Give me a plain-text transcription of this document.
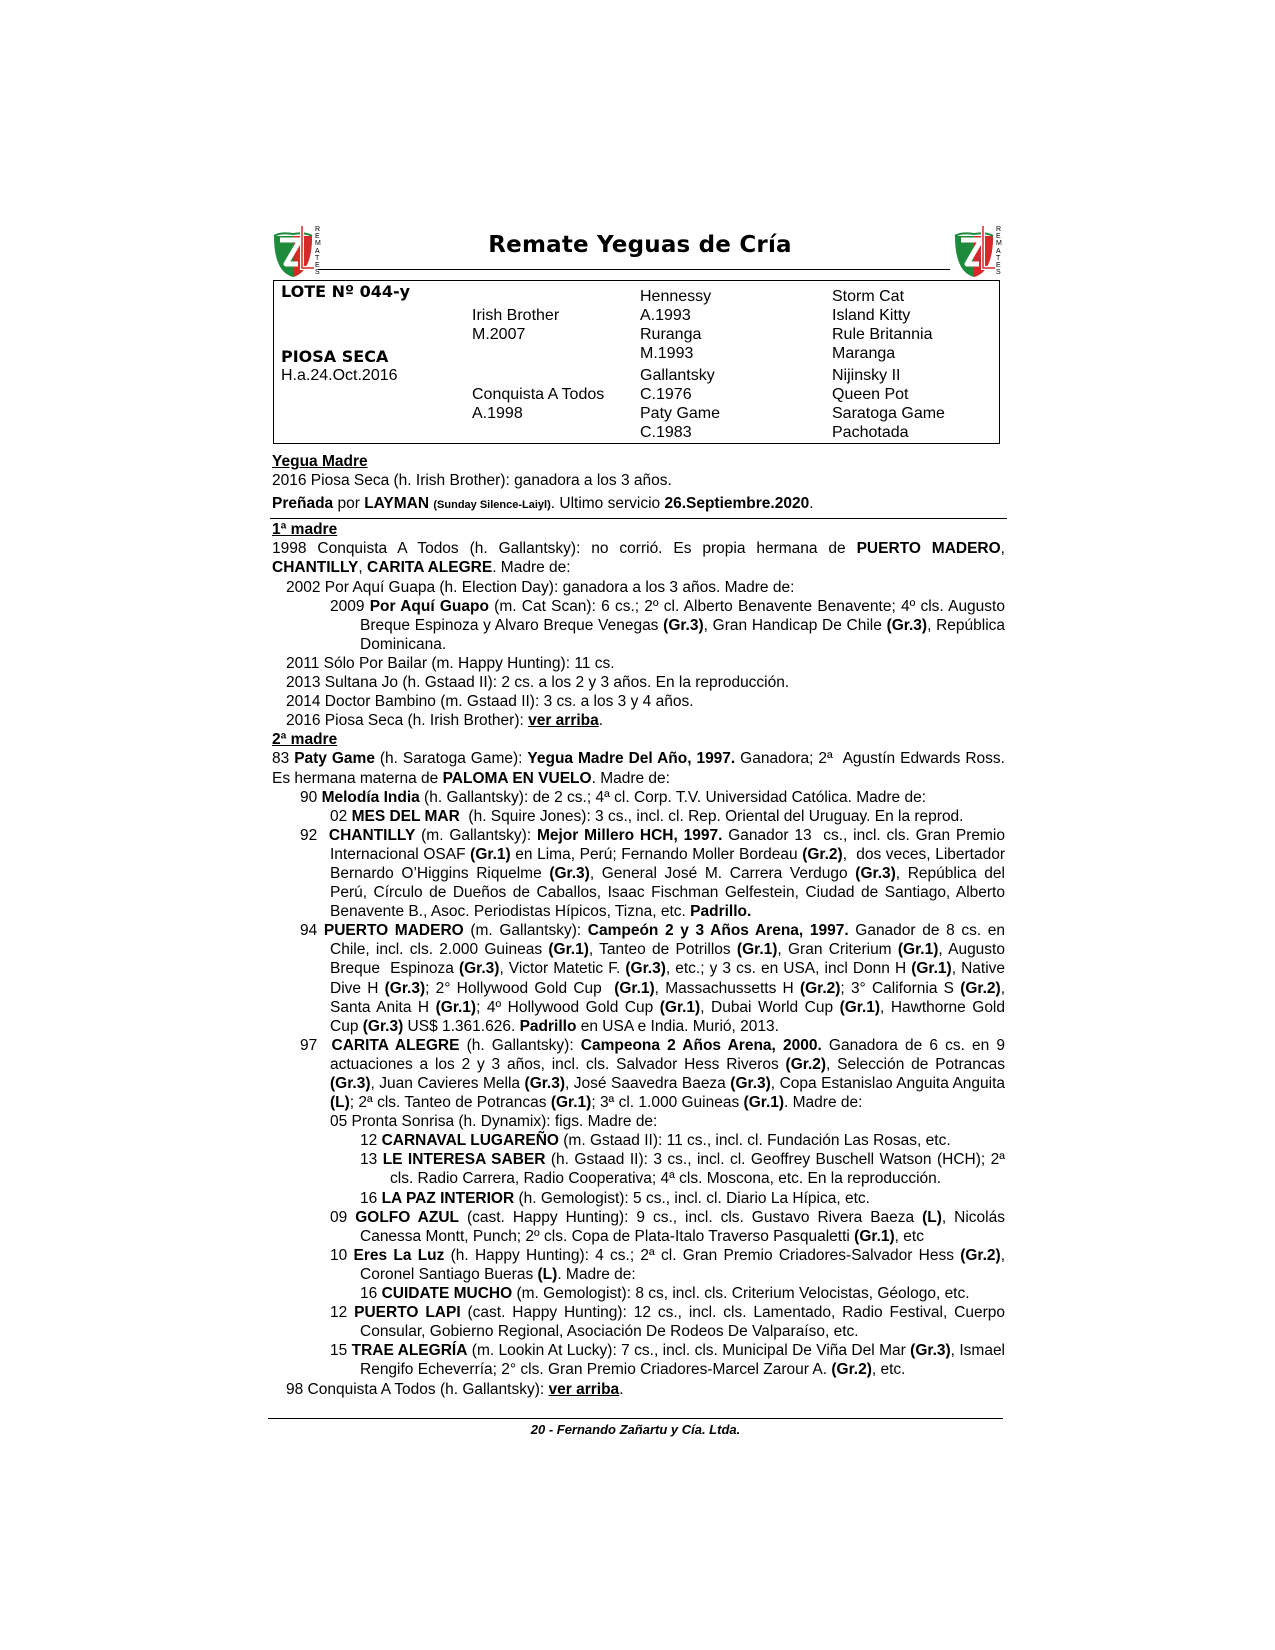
R
E
M
A
T
E
S
Remate Yeguas de Cría
R
E
M
A
T
E
S
LOTE Nº 044-y
PIOSA SECA
H.a.24.Oct.2016
Irish Brother
M.2007
Conquista A Todos
A.1998
Hennessy
A.1993
Ruranga
M.1993
Gallantsky
C.1976
Paty Game
C.1983
Storm Cat
Island Kitty
Rule Britannia
Maranga
Nijinsky II
Queen Pot
Saratoga Game
Pachotada

Yegua Madre

2016 Piosa Seca (h. Irish Brother): ganadora a los 3 años.

Preñada por LAYMAN (Sunday Silence-Laiyl). Ultimo servicio 26.Septiembre.2020.

1ª madre

1998 Conquista A Todos (h. Gallantsky): no corrió. Es propia hermana de PUERTO MADERO, CHANTILLY, CARITA ALEGRE. Madre de:

2002 Por Aquí Guapa (h. Election Day): ganadora a los 3 años. Madre de:

2009 Por Aquí Guapo (m. Cat Scan): 6 cs.; 2º cl. Alberto Benavente Benavente; 4º cls. Augusto Breque Espinoza y Alvaro Breque Venegas (Gr.3), Gran Handicap De Chile (Gr.3), República Dominicana.

2011 Sólo Por Bailar (m. Happy Hunting): 11 cs.

2013 Sultana Jo (h. Gstaad II): 2 cs. a los 2 y 3 años. En la reproducción.

2014 Doctor Bambino (m. Gstaad II): 3 cs. a los 3 y 4 años.

2016 Piosa Seca (h. Irish Brother): ver arriba.

2ª madre

83 Paty Game (h. Saratoga Game): Yegua Madre Del Año, 1997. Ganadora; 2ª  Agustín Edwards Ross. Es hermana materna de PALOMA EN VUELO. Madre de:

90 Melodía India (h. Gallantsky): de 2 cs.; 4ª cl. Corp. T.V. Universidad Católica. Madre de:

02 MES DEL MAR  (h. Squire Jones): 3 cs., incl. cl. Rep. Oriental del Uruguay. En la reprod.

92  CHANTILLY (m. Gallantsky): Mejor Millero HCH, 1997. Ganador 13  cs., incl. cls. Gran Premio Internacional OSAF (Gr.1) en Lima, Perú; Fernando Moller Bordeau (Gr.2),  dos veces, Libertador Bernardo O’Higgins Riquelme (Gr.3), General José M. Carrera Verdugo (Gr.3), República del Perú, Círculo de Dueños de Caballos, Isaac Fischman Gelfestein, Ciudad de Santiago, Alberto Benavente B., Asoc. Periodistas Hípicos, Tizna, etc. Padrillo.

94 PUERTO MADERO (m. Gallantsky): Campeón 2 y 3 Años Arena, 1997. Ganador de 8 cs. en Chile, incl. cls. 2.000 Guineas (Gr.1), Tanteo de Potrillos (Gr.1), Gran Criterium (Gr.1), Augusto Breque  Espinoza (Gr.3), Victor Matetic F. (Gr.3), etc.; y 3 cs. en USA, incl Donn H (Gr.1), Native Dive H (Gr.3); 2° Hollywood Gold Cup  (Gr.1), Massachussetts H (Gr.2); 3° California S (Gr.2), Santa Anita H (Gr.1); 4º Hollywood Gold Cup (Gr.1), Dubai World Cup (Gr.1), Hawthorne Gold Cup (Gr.3) US$ 1.361.626. Padrillo en USA e India. Murió, 2013.

97  CARITA ALEGRE (h. Gallantsky): Campeona 2 Años Arena, 2000. Ganadora de 6 cs. en 9 actuaciones a los 2 y 3 años, incl. cls. Salvador Hess Riveros (Gr.2), Selección de Potrancas (Gr.3), Juan Cavieres Mella (Gr.3), José Saavedra Baeza (Gr.3), Copa Estanislao Anguita Anguita (L); 2ª cls. Tanteo de Potrancas (Gr.1); 3ª cl. 1.000 Guineas (Gr.1). Madre de:

05 Pronta Sonrisa (h. Dynamix): figs. Madre de:

12 CARNAVAL LUGAREÑO (m. Gstaad II): 11 cs., incl. cl. Fundación Las Rosas, etc.

13 LE INTERESA SABER (h. Gstaad II): 3 cs., incl. cl. Geoffrey Buschell Watson (HCH); 2ª cls. Radio Carrera, Radio Cooperativa; 4ª cls. Moscona, etc. En la reproducción.

16 LA PAZ INTERIOR (h. Gemologist): 5 cs., incl. cl. Diario La Hípica, etc.

09 GOLFO AZUL (cast. Happy Hunting): 9 cs., incl. cls. Gustavo Rivera Baeza (L), Nicolás Canessa Montt, Punch; 2º cls. Copa de Plata-Italo Traverso Pasqualetti (Gr.1), etc

10 Eres La Luz (h. Happy Hunting): 4 cs.; 2ª cl. Gran Premio Criadores-Salvador Hess (Gr.2), Coronel Santiago Bueras (L). Madre de:

16 CUIDATE MUCHO (m. Gemologist): 8 cs, incl. cls. Criterium Velocistas, Géologo, etc.

12 PUERTO LAPI (cast. Happy Hunting): 12 cs., incl. cls. Lamentado, Radio Festival, Cuerpo Consular, Gobierno Regional, Asociación De Rodeos De Valparaíso, etc.

15 TRAE ALEGRÍA (m. Lookin At Lucky): 7 cs., incl. cls. Municipal De Viña Del Mar (Gr.3), Ismael Rengifo Echeverría; 2° cls. Gran Premio Criadores-Marcel Zarour A. (Gr.2), etc.

98 Conquista A Todos (h. Gallantsky): ver arriba.

20 - Fernando Zañartu y Cía. Ltda.
